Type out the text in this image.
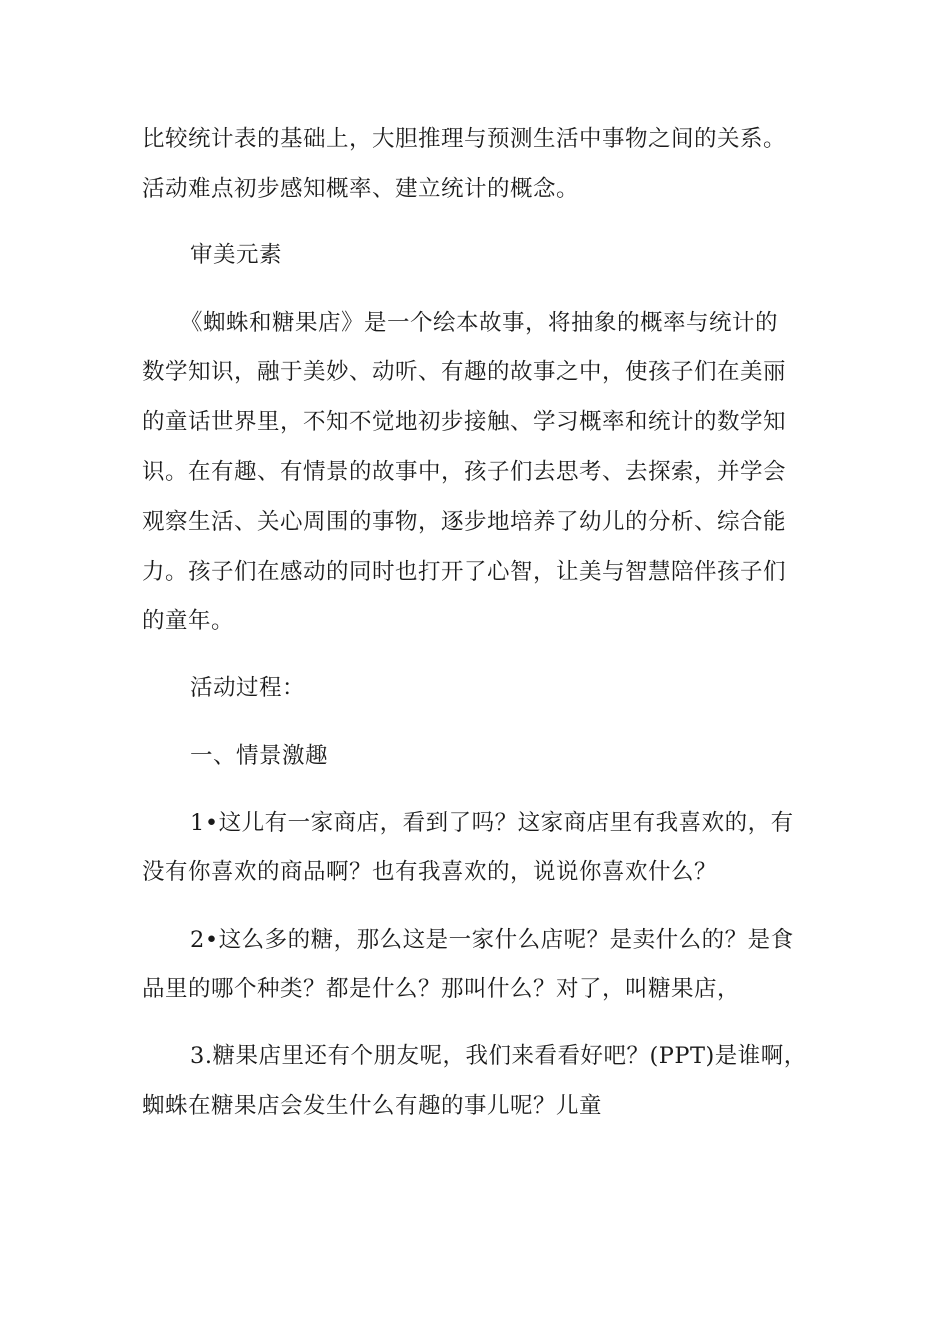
比较统计表的基础上，大胆推理与预测生活中事物之间的关系。
活动难点初步感知概率、建立统计的概念。
审美元素
《蜘蛛和糖果店》是一个绘本故事，将抽象的概率与统计的
数学知识，融于美妙、动听、有趣的故事之中，使孩子们在美丽
的童话世界里，不知不觉地初步接触、学习概率和统计的数学知
识。在有趣、有情景的故事中，孩子们去思考、去探索，并学会
观察生活、关心周围的事物，逐步地培养了幼儿的分析、综合能
力。孩子们在感动的同时也打开了心智，让美与智慧陪伴孩子们
的童年。
活动过程：
一、情景激趣
1•这儿有一家商店，看到了吗？这家商店里有我喜欢的，有
没有你喜欢的商品啊？也有我喜欢的，说说你喜欢什么？
2•这么多的糖，那么这是一家什么店呢？是卖什么的？是食
品里的哪个种类？都是什么？那叫什么？对了，叫糖果店，
3.糖果店里还有个朋友呢，我们来看看好吧？(PPT)是谁啊，
蜘蛛在糖果店会发生什么有趣的事儿呢？儿童
